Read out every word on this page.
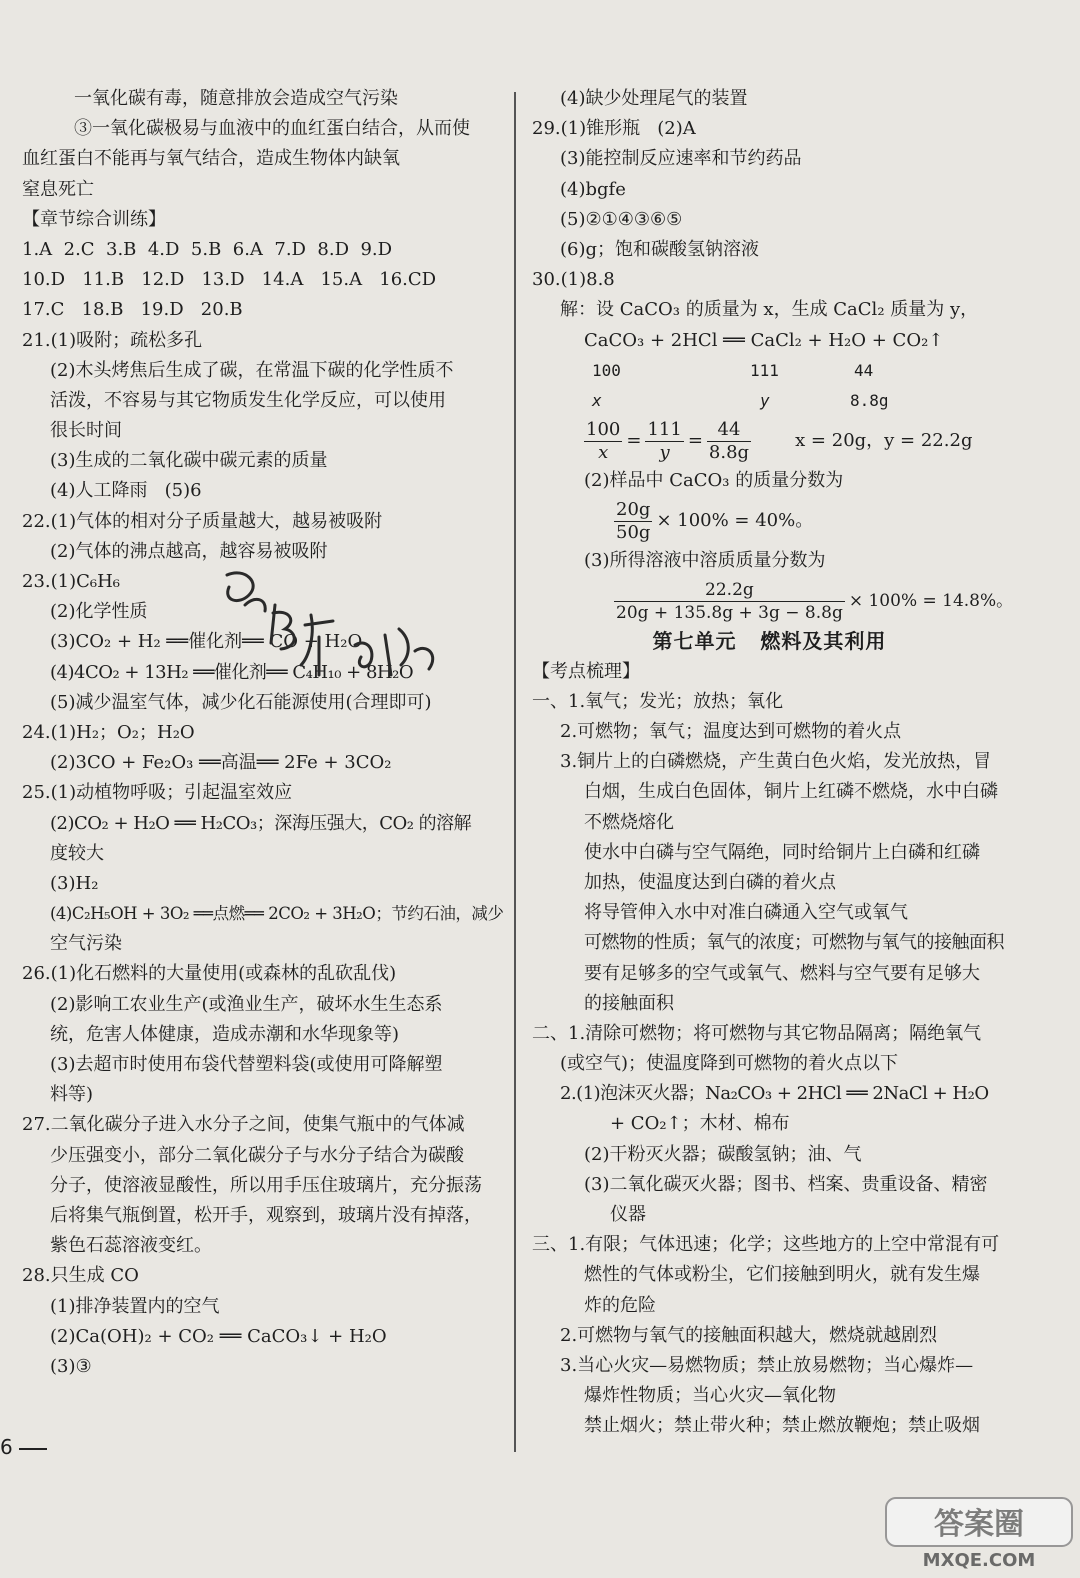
一氧化碳有毒，随意排放会造成空气污染
③一氧化碳极易与血液中的血红蛋白结合，从而使
血红蛋白不能再与氧气结合，造成生物体内缺氧
窒息死亡
【章节综合训练】
1.A  2.C  3.B  4.D  5.B  6.A  7.D  8.D  9.D
10.D   11.B   12.D   13.D   14.A   15.A   16.CD
17.C   18.B   19.D   20.B
21.(1)吸附；疏松多孔
(2)木头烤焦后生成了碳，在常温下碳的化学性质不
活泼，不容易与其它物质发生化学反应，可以使用
很长时间
(3)生成的二氧化碳中碳元素的质量
(4)人工降雨   (5)6
22.(1)气体的相对分子质量越大，越易被吸附
(2)气体的沸点越高，越容易被吸附
23.(1)C₆H₆
(2)化学性质
(3)CO₂ + H₂ ══催化剂══ CO + H₂O
(4)4CO₂ + 13H₂ ══催化剂══ C₄H₁₀ + 8H₂O
(5)减少温室气体，减少化石能源使用(合理即可)
24.(1)H₂；O₂；H₂O
(2)3CO + Fe₂O₃ ══高温══ 2Fe + 3CO₂
25.(1)动植物呼吸；引起温室效应
(2)CO₂ + H₂O ══ H₂CO₃；深海压强大，CO₂ 的溶解
度较大
(3)H₂
(4)C₂H₅OH + 3O₂ ══点燃══ 2CO₂ + 3H₂O；节约石油，减少
空气污染
26.(1)化石燃料的大量使用(或森林的乱砍乱伐)
(2)影响工农业生产(或渔业生产，破坏水生生态系
统，危害人体健康，造成赤潮和水华现象等)
(3)去超市时使用布袋代替塑料袋(或使用可降解塑
料等)
27.二氧化碳分子进入水分子之间，使集气瓶中的气体减
少压强变小，部分二氧化碳分子与水分子结合为碳酸
分子，使溶液显酸性，所以用手压住玻璃片，充分振荡
后将集气瓶倒置，松开手，观察到，玻璃片没有掉落，
紫色石蕊溶液变红。
28.只生成 CO
(1)排净装置内的空气
(2)Ca(OH)₂ + CO₂ ══ CaCO₃↓ + H₂O
(3)③
(4)缺少处理尾气的装置
29.(1)锥形瓶   (2)A
(3)能控制反应速率和节约药品
(4)bgfe
(5)②①④③⑥⑤
(6)g；饱和碳酸氢钠溶液
30.(1)8.8
解：设 CaCO₃ 的质量为 x，生成 CaCl₂ 质量为 y，
CaCO₃ + 2HCl ══ CaCl₂ + H₂O + CO₂↑
100	111	44
x	y	8.8g
$\frac{100}{x} = \frac{111}{y} = \frac{44}{8.8g}$ x = 20g，y = 22.2g
(2)样品中 CaCO₃ 的质量分数为
$\frac{20g}{50g} \times 100\% = 40\%$。
(3)所得溶液中溶质质量分数为
$\frac{22.2g}{20g + 135.8g + 3g - 8.8g} \times 100\% = 14.8\%$。
第七单元   燃料及其利用
【考点梳理】
一、1.氧气；发光；放热；氧化
2.可燃物；氧气；温度达到可燃物的着火点
3.铜片上的白磷燃烧，产生黄白色火焰，发光放热，冒
白烟，生成白色固体，铜片上红磷不燃烧，水中白磷
不燃烧熔化
使水中白磷与空气隔绝，同时给铜片上白磷和红磷
加热，使温度达到白磷的着火点
将导管伸入水中对准白磷通入空气或氧气
可燃物的性质；氧气的浓度；可燃物与氧气的接触面积
要有足够多的空气或氧气、燃料与空气要有足够大
的接触面积
二、1.清除可燃物；将可燃物与其它物品隔离；隔绝氧气
(或空气)；使温度降到可燃物的着火点以下
2.(1)泡沫灭火器；Na₂CO₃ + 2HCl ══ 2NaCl + H₂O
+ CO₂↑；木材、棉布
(2)干粉灭火器；碳酸氢钠；油、气
(3)二氧化碳灭火器；图书、档案、贵重设备、精密
仪器
三、1.有限；气体迅速；化学；这些地方的上空中常混有可
燃性的气体或粉尘，它们接触到明火，就有发生爆
炸的危险
2.可燃物与氧气的接触面积越大，燃烧就越剧烈
3.当心火灾—易燃物质；禁止放易燃物；当心爆炸—
爆炸性物质；当心火灾—氧化物
禁止烟火；禁止带火种；禁止燃放鞭炮；禁止吸烟
6
答案圈
MXQE.COM
